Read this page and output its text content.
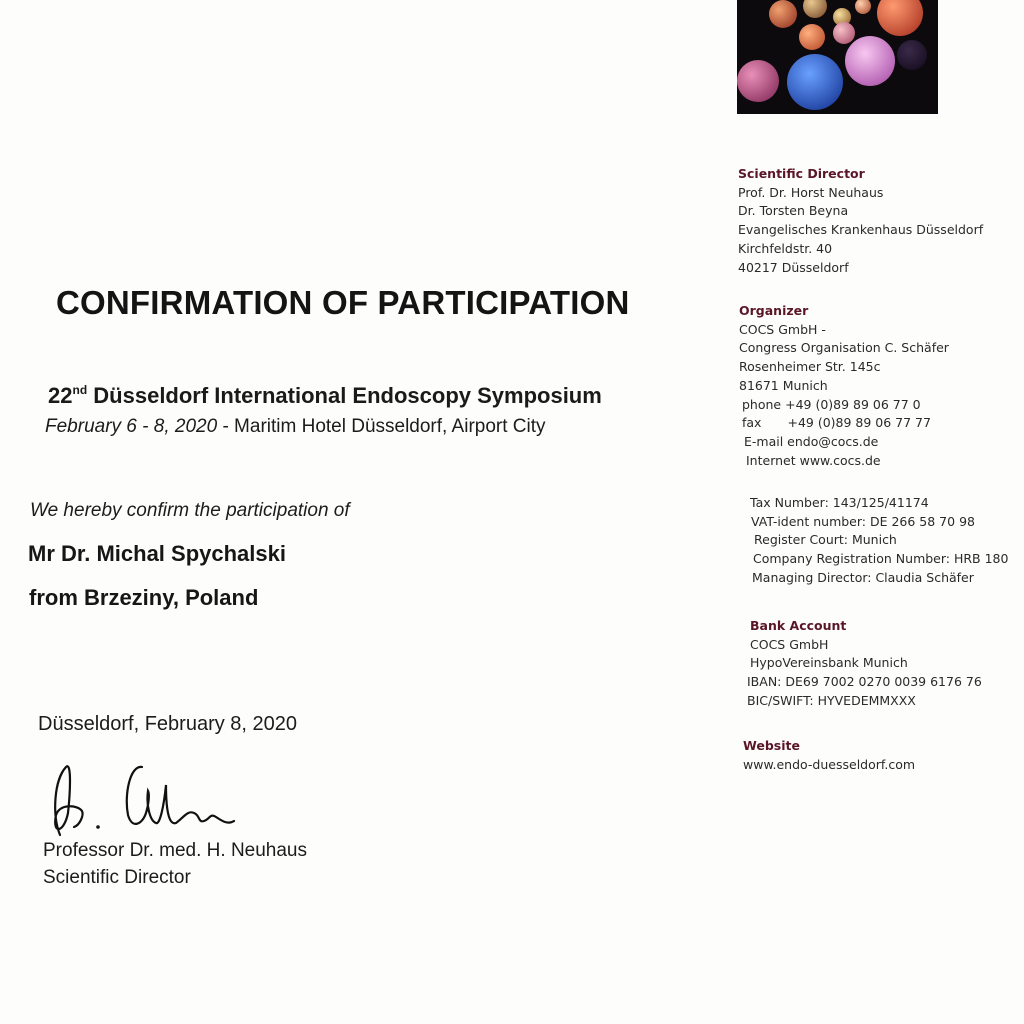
CONFIRMATION OF PARTICIPATION
22nd Düsseldorf International Endoscopy Symposium
February 6 - 8, 2020 - Maritim Hotel Düsseldorf, Airport City
We hereby confirm the participation of
Mr Dr. Michal Spychalski
from Brzeziny, Poland
Düsseldorf, February 8, 2020
Professor Dr. med. H. Neuhaus
Scientific Director
Scientific Director
Prof. Dr. Horst Neuhaus
Dr. Torsten Beyna
Evangelisches Krankenhaus Düsseldorf
Kirchfeldstr. 40
40217 Düsseldorf
Organizer
COCS GmbH -
Congress Organisation C. Schäfer
Rosenheimer Str. 145c
81671 Munich
phone +49 (0)89 89 06 77 0
fax +49 (0)89 89 06 77 77
E-mail endo@cocs.de
Internet www.cocs.de
Tax Number: 143/125/41174
VAT-ident number: DE 266 58 70 98
Register Court: Munich
Company Registration Number: HRB 180
Managing Director: Claudia Schäfer
Bank Account
COCS GmbH
HypoVereinsbank Munich
IBAN: DE69 7002 0270 0039 6176 76
BIC/SWIFT: HYVEDEMMXXX
Website
www.endo-duesseldorf.com
